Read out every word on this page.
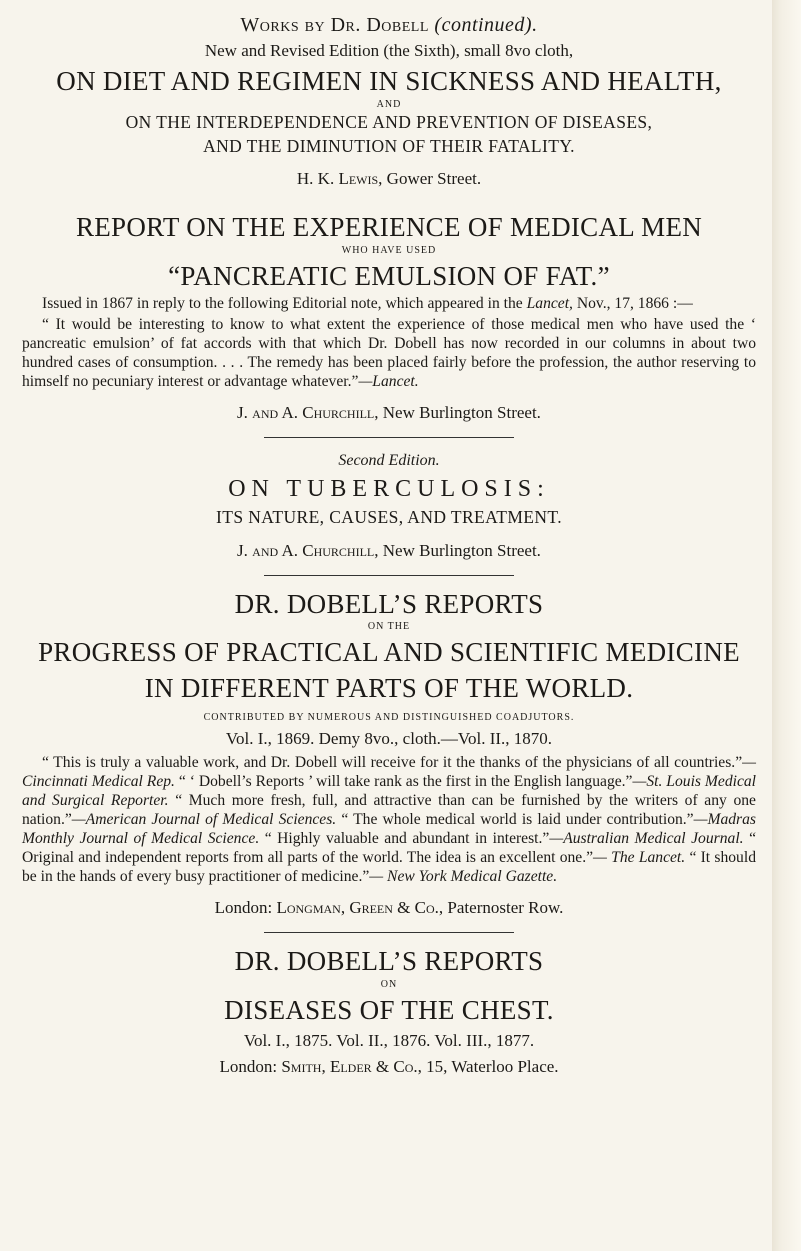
Works by Dr. Dobell (continued).
New and Revised Edition (the Sixth), small 8vo cloth,
ON DIET AND REGIMEN IN SICKNESS AND HEALTH,
AND
ON THE INTERDEPENDENCE AND PREVENTION OF DISEASES,
AND THE DIMINUTION OF THEIR FATALITY.
H. K. Lewis, Gower Street.
REPORT ON THE EXPERIENCE OF MEDICAL MEN
WHO HAVE USED
“PANCREATIC EMULSION OF FAT.”

Issued in 1867 in reply to the following Editorial note, which appeared in the Lancet, Nov., 17, 1866 :—

“ It would be interesting to know to what extent the experience of those medical men who have used the ‘ pancreatic emulsion’ of fat accords with that which Dr. Dobell has now recorded in our columns in about two hundred cases of consumption. . . . The remedy has been placed fairly before the profession, the author reserving to himself no pecuniary interest or advantage whatever.”—Lancet.

J. and A. Churchill, New Burlington Street.
Second Edition.
ON TUBERCULOSIS:
ITS NATURE, CAUSES, AND TREATMENT.
J. and A. Churchill, New Burlington Street.
DR. DOBELL’S REPORTS
ON THE
PROGRESS OF PRACTICAL AND SCIENTIFIC MEDICINE
IN DIFFERENT PARTS OF THE WORLD.
CONTRIBUTED BY NUMEROUS AND DISTINGUISHED COADJUTORS.
Vol. I., 1869. Demy 8vo., cloth.—Vol. II., 1870.

“ This is truly a valuable work, and Dr. Dobell will receive for it the thanks of the physicians of all countries.”—Cincinnati Medical Rep. “ ‘ Dobell’s Reports ’ will take rank as the first in the English language.”—St. Louis Medical and Surgical Reporter. “ Much more fresh, full, and attractive than can be furnished by the writers of any one nation.”—American Journal of Medical Sciences. “ The whole medical world is laid under contribution.”—Madras Monthly Journal of Medical Science. “ Highly valuable and abundant in interest.”—Australian Medical Journal. “ Original and independent reports from all parts of the world. The idea is an excellent one.”— The Lancet. “ It should be in the hands of every busy practitioner of medicine.”— New York Medical Gazette.

London: Longman, Green & Co., Paternoster Row.
DR. DOBELL’S REPORTS
ON
DISEASES OF THE CHEST.
Vol. I., 1875. Vol. II., 1876. Vol. III., 1877.
London: Smith, Elder & Co., 15, Waterloo Place.
